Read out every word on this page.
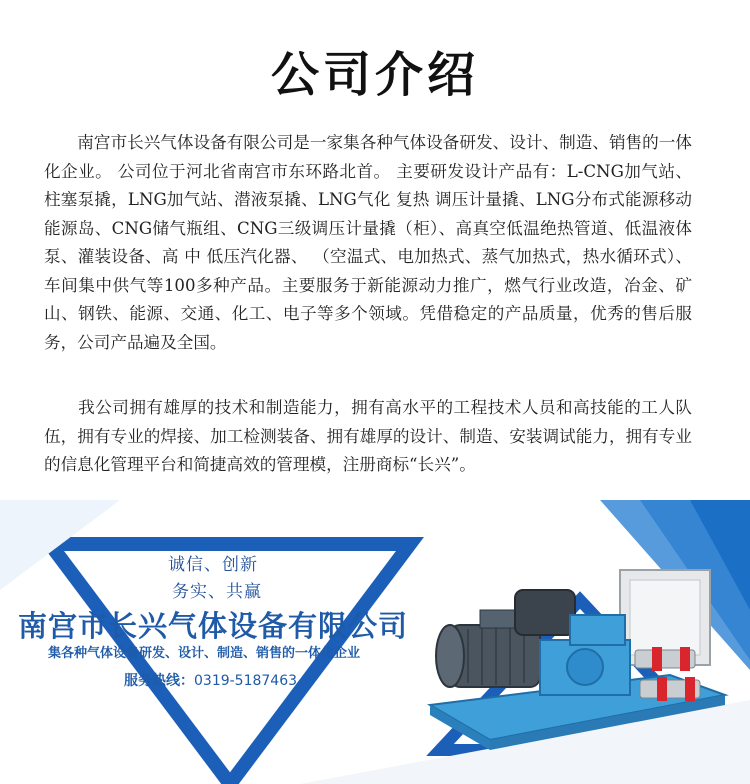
公司介绍
　　南宫市长兴气体设备有限公司是一家集各种气体设备研发、设计、制造、销售的一体化企业。 公司位于河北省南宫市东环路北首。 主要研发设计产品有：L-CNG加气站、柱塞泵撬，LNG加气站、潜液泵撬、LNG气化 复热 调压计量撬、LNG分布式能源移动能源岛、CNG储气瓶组、CNG三级调压计量撬（柜）、高真空低温绝热管道、低温液体泵、灌装设备、高 中 低压汽化器、 （空温式、电加热式、蒸气加热式，热水循环式）、车间集中供气等100多种产品。主要服务于新能源动力推广，燃气行业改造，冶金、矿山、钢铁、能源、交通、化工、电子等多个领域。凭借稳定的产品质量，优秀的售后服务，公司产品遍及全国。
　　我公司拥有雄厚的技术和制造能力，拥有高水平的工程技术人员和高技能的工人队伍，拥有专业的焊接、加工检测装备、拥有雄厚的设计、制造、安装调试能力，拥有专业的信息化管理平台和简捷高效的管理模，注册商标“长兴”。
诚信、创新
务实、共赢
南宫市长兴气体设备有限公司
集各种气体设备研发、设计、制造、销售的一体化企业
服务热线：0319-5187463
